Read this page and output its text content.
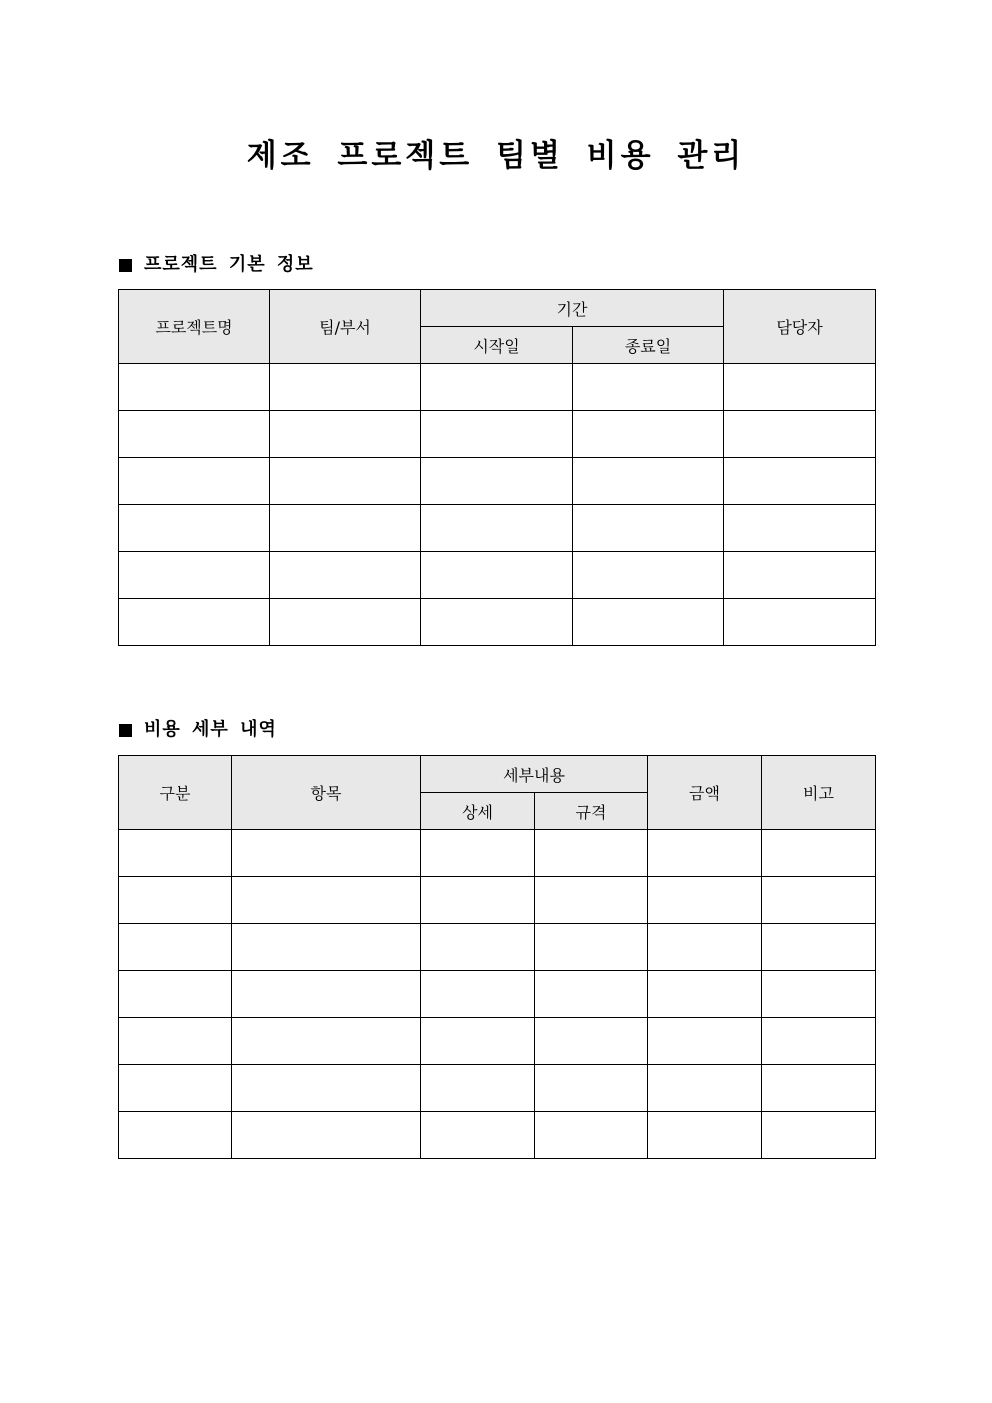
제조 프로젝트 팀별 비용 관리
프로젝트 기본 정보
프로젝트명	팀/부서	기간		담당자
		시작일	종료일	

비용 세부 내역
구분	항목	세부내용		금액	비고
		상세	규격		
